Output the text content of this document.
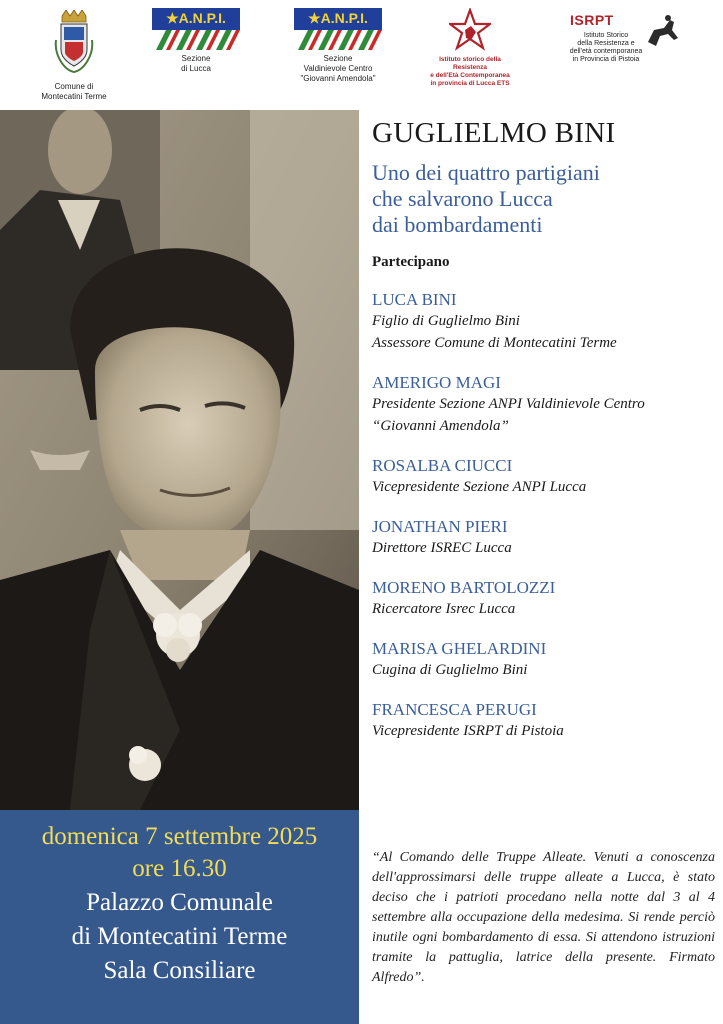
Comune di
Montecatini Terme
★A.N.P.I.
Sezione
di Lucca
★A.N.P.I.
Sezione
Valdinievole Centro
"Giovanni Amendola"
Istituto storico della Resistenza
e dell'Età Contemporanea
in provincia di Lucca ETS
ISRPT
Istituto Storico
della Resistenza e
dell'età contemporanea
in Provincia di Pistoia
domenica 7 settembre 2025
ore 16.30
Palazzo Comunale
di Montecatini Terme
Sala Consiliare
GUGLIELMO BINI
Uno dei quattro partigiani
che salvarono Lucca
dai bombardamenti
Partecipano
LUCA BINI
Figlio di Guglielmo Bini
Assessore Comune di Montecatini Terme
AMERIGO MAGI
Presidente Sezione ANPI Valdinievole Centro
“Giovanni Amendola”
ROSALBA CIUCCI
Vicepresidente Sezione ANPI Lucca
JONATHAN PIERI
Direttore ISREC Lucca
MORENO BARTOLOZZI
Ricercatore Isrec Lucca
MARISA GHELARDINI
Cugina di Guglielmo Bini
FRANCESCA PERUGI
Vicepresidente ISRPT di Pistoia
“Al Comando delle Truppe Alleate. Venuti a conoscenza dell'approssimarsi delle truppe alleate a Lucca, è stato deciso che i patrioti procedano nella notte dal 3 al 4 settembre alla occupazione della medesima. Si rende perciò inutile ogni bombardamento di essa. Si attendono istruzioni tramite la pattuglia, latrice della presente. Firmato Alfredo”.
